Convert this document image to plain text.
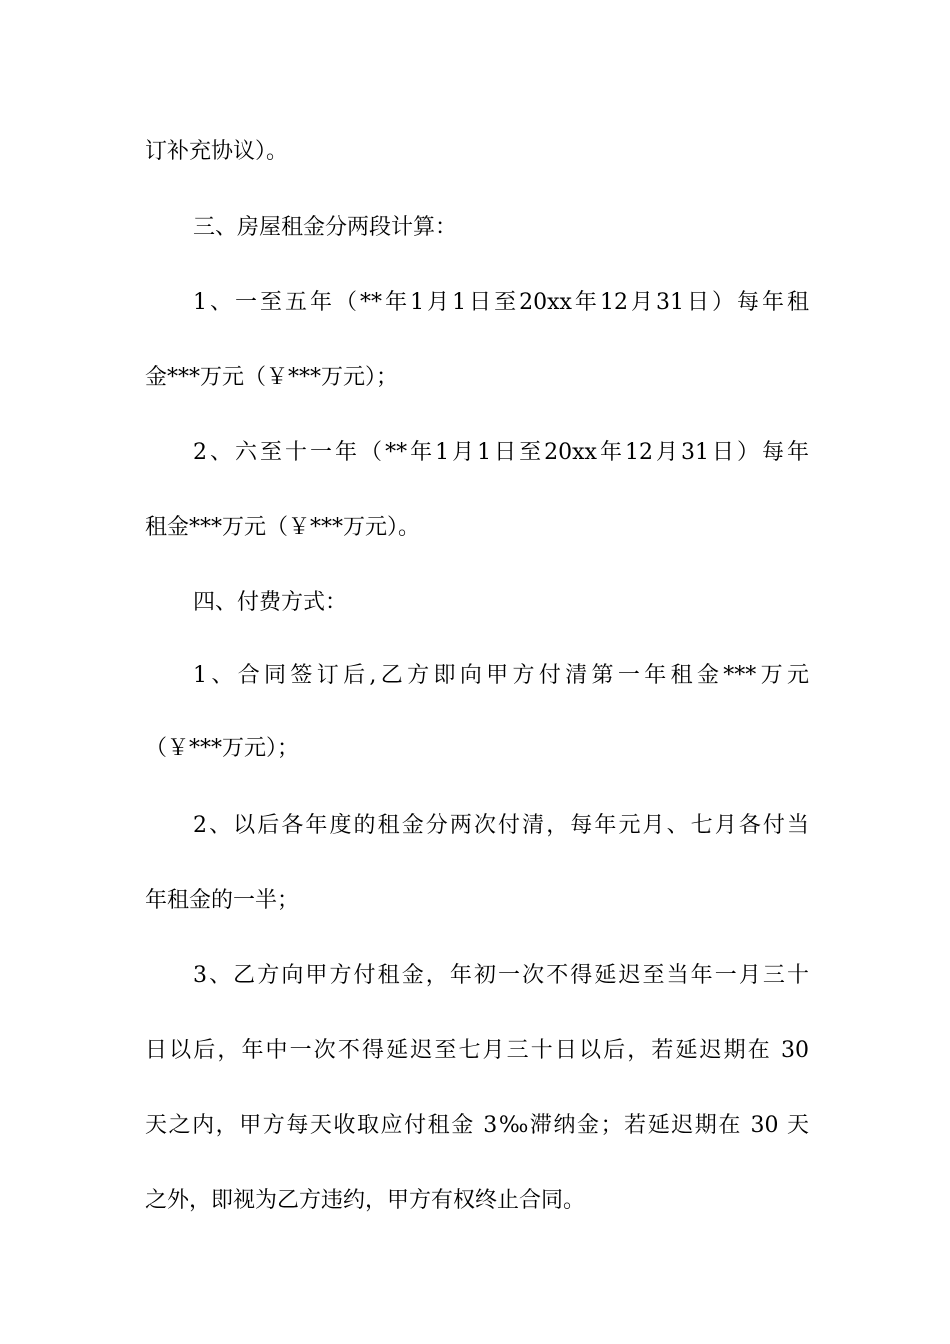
订补充协议）。
三、房屋租金分两段计算：
1、一至五年（**年1月1日至20xx年12月31日）每年租
金***万元（￥***万元）；
2、六至十一年（**年1月1日至20xx年12月31日）每年
租金***万元（￥***万元）。
四、付费方式：
1、合同签订后,乙方即向甲方付清第一年租金***万元
（￥***万元）；
2、以后各年度的租金分两次付清，每年元月、七月各付当
年租金的一半；
3、乙方向甲方付租金，年初一次不得延迟至当年一月三十
日以后，年中一次不得延迟至七月三十日以后，若延迟期在 30
天之内，甲方每天收取应付租金 3‰滞纳金；若延迟期在 30 天
之外，即视为乙方违约，甲方有权终止合同。
